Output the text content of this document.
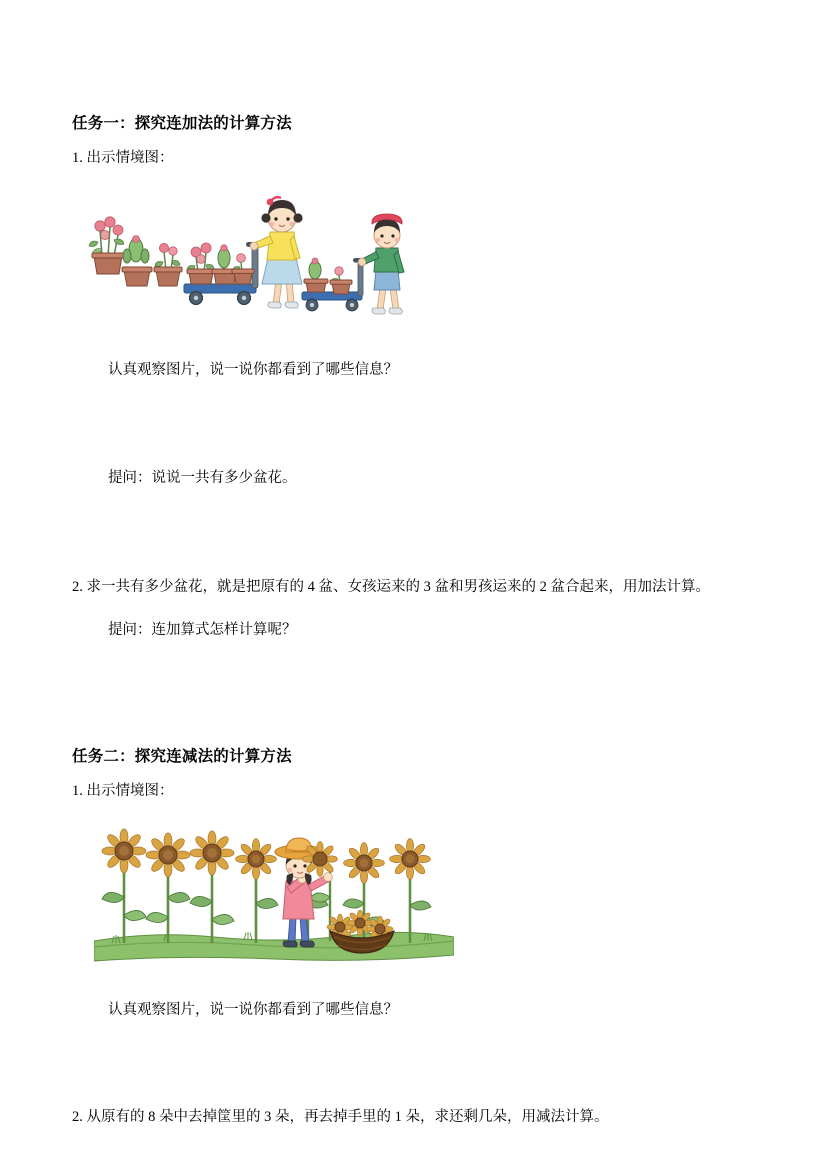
任务一：探究连加法的计算方法

1. 出示情境图：

认真观察图片，说一说你都看到了哪些信息？

提问：说说一共有多少盆花。

2. 求一共有多少盆花，就是把原有的 4 盆、女孩运来的 3 盆和男孩运来的 2 盆合起来，用加法计算。

提问：连加算式怎样计算呢？

任务二：探究连减法的计算方法

1. 出示情境图：

认真观察图片，说一说你都看到了哪些信息？

2. 从原有的 8 朵中去掉筐里的 3 朵，再去掉手里的 1 朵，求还剩几朵，用减法计算。
